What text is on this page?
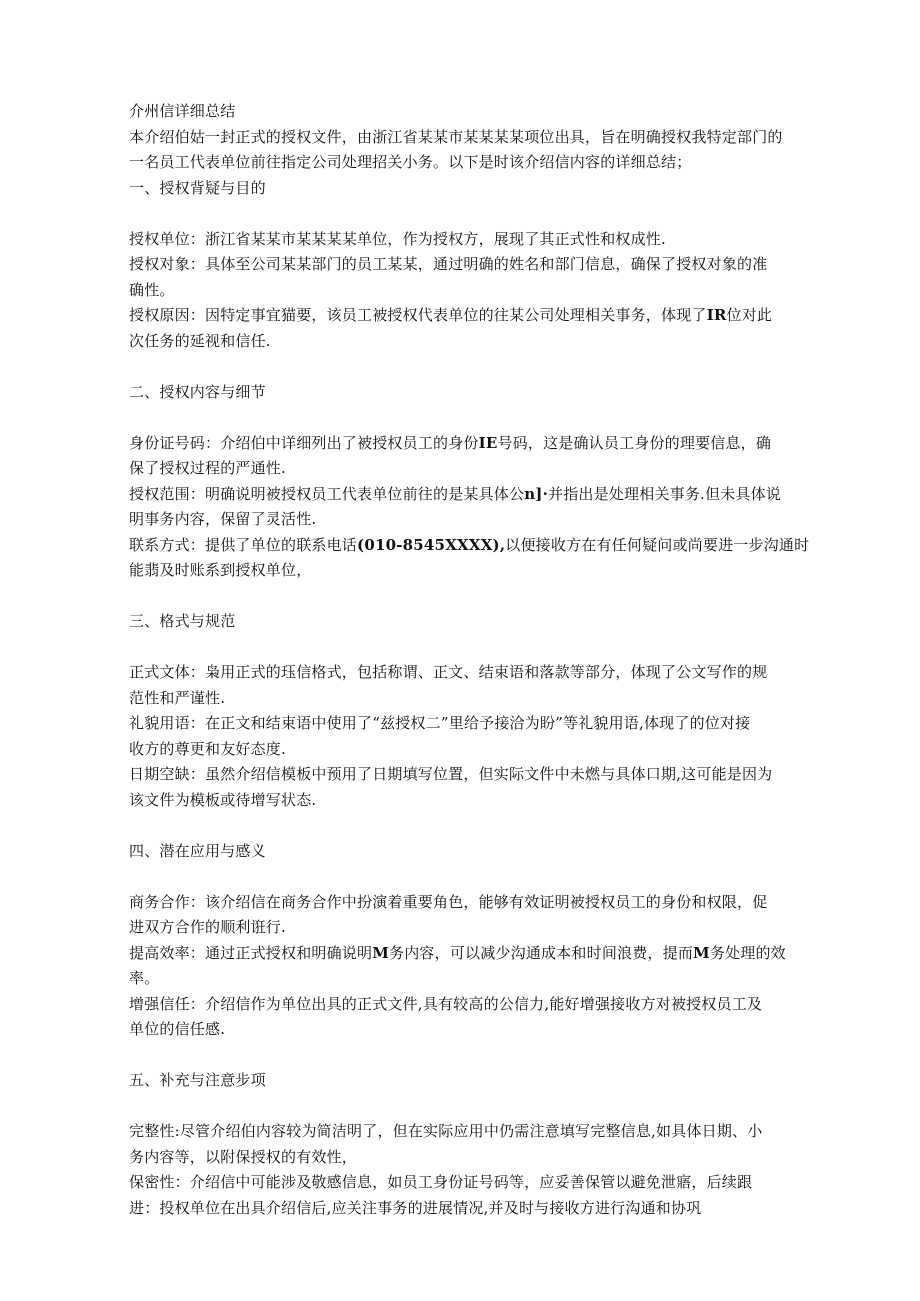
介州信详细总结
本介绍伯姑一封正式的授权文件，由浙江省某某市某某某某项位出具，旨在明确授权我特定部门的
一名员工代表单位前往指定公司处理招关小务。以下是时该介绍信内容的详细总结；
一、授权背疑与目的
授权单位：浙江省某某市某某某某单位，作为授权方，展现了其正式性和权成性.
授权对象：具体至公司某某部门的员工某某，通过明确的姓名和部门信息，确保了授权对象的准
确性。
授权原因：因特定事宜猫要，该员工被授权代表单位的往某公司处理相关事务，体现了IR位对此
次任务的延视和信任.
二、授权内容与细节
身份证号码：介绍伯中详细列出了被授权员工的身份IE号码，这是确认员工身份的理要信息，确
保了授权过程的严通性.
授权范围：明确说明被授权员工代表单位前往的是某具体公n]·并指出是处理相关事务.但未具体说
明事务内容，保留了灵活性.
联系方式：提供了单位的联系电话(010-8545XXXX),以便接收方在有任何疑问或尚要进一步沟通时
能翡及时账系到授权单位，
三、格式与规范
正式文体：枭用正式的珏信格式，包括称谓、正文、结束语和落款等部分，体现了公文写作的规
范性和严谨性.
礼貌用语：在正文和结束语中使用了“兹授权二”里给予接洽为盼”等礼貌用语,体现了的位对接
收方的尊更和友好态度.
日期空缺：虽然介绍信模板中预用了日期填写位置，但实际文件中未燃与具体口期,这可能是因为
该文件为模板或待增写状态.
四、潜在应用与感义
商务合作：该介绍信在商务合作中扮演着重要角色，能够有效证明被授权员工的身份和权限，促
进双方合作的顺利诳行.
提高效率：通过正式授权和明确说明M务内容，可以减少沟通成本和时间浪费，提而M务处理的效
率。
增强信任：介绍信作为单位出具的正式文件,具有较高的公信力,能好增强接收方对被授权员工及
单位的信任感.
五、补充与注意步项
完整性:尽管介绍伯内容较为简洁明了，但在实际应用中仍需注意填写完整信息,如具体日期、小
务内容等，以附保授权的有效性，
保密性：介绍信中可能涉及敬感信息，如员工身份证号码等，应妥善保管以避免泄寤，后续跟
进：投权单位在出具介绍信后,应关注事务的进展情况,并及时与接收方进行沟通和协巩
